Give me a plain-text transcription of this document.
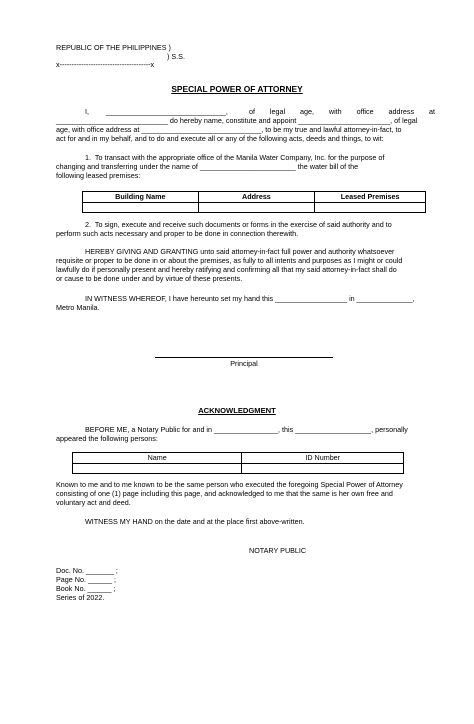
REPUBLIC OF THE PHILIPPINES )
) S.S.
x--------------------------------------x
SPECIAL POWER OF ATTORNEY
I, ______________________________,	of legal age, with office address at
____________________________ do hereby name, constitute and appoint _______________________, of legal
age, with office address at ______________________________, to be my true and lawful attorney-in-fact, to
act for and in my behalf, and to do and execute all or any of the following acts, deeds and things, to wit:
1.  To transact with the appropriate office of the Manila Water Company, Inc. for the purpose of
changing and transferring under the name of ________________________ the water bill of the
following leased premises:
Building Name	Address	Leased Premises

2.  To sign, execute and receive such documents or forms in the exercise of said authority and to
perform such acts necessary and proper to be done in connection therewith.
HEREBY GIVING AND GRANTING unto said attorney-in-fact full power and authority whatsoever
requisite or proper to be done in or about the premises, as fully to all intents and purposes as I might or could
lawfully do if personally present and hereby ratifying and confirming all that my said attorney-in-fact shall do
or cause to be done under and by virtue of these presents.
IN WITNESS WHEREOF, I have hereunto set my hand this __________________ in ______________,
Metro Manila.
Principal
ACKNOWLEDGMENT
BEFORE ME, a Notary Public for and in ________________, this ___________________, personally
appeared the following persons:
Name	ID Number

Known to me and to me known to be the same person who executed the foregoing Special Power of Attorney
consisting of one (1) page including this page, and acknowledged to me that the same is her own free and
voluntary act and deed.
WITNESS MY HAND on the date and at the place first above-written.
NOTARY PUBLIC
Doc. No. _______ ;
Page No. ______ ;
Book No. ______ ;
Series of 2022.
